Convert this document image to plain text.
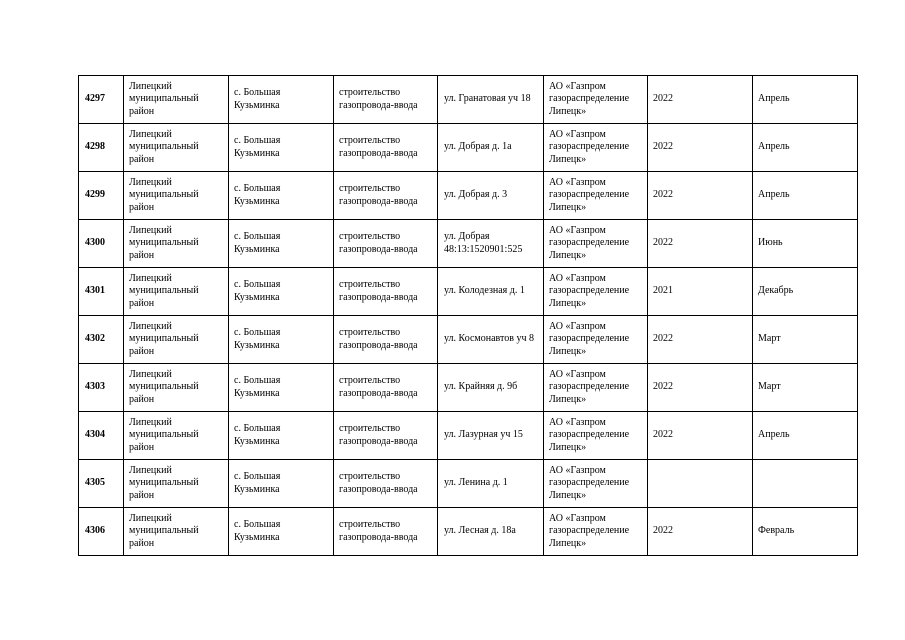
4297	Липецкий муниципальный район	с. Большая Кузьминка	строительство газопровода-ввода	ул. Гранатовая уч 18	АО «Газпром газораспределение Липецк»	2022	Апрель
4298	Липецкий муниципальный район	с. Большая Кузьминка	строительство газопровода-ввода	ул. Добрая д. 1а	АО «Газпром газораспределение Липецк»	2022	Апрель
4299	Липецкий муниципальный район	с. Большая Кузьминка	строительство газопровода-ввода	ул. Добрая д. 3	АО «Газпром газораспределение Липецк»	2022	Апрель
4300	Липецкий муниципальный район	с. Большая Кузьминка	строительство газопровода-ввода	ул. Добрая 48:13:1520901:525	АО «Газпром газораспределение Липецк»	2022	Июнь
4301	Липецкий муниципальный район	с. Большая Кузьминка	строительство газопровода-ввода	ул. Колодезная д. 1	АО «Газпром газораспределение Липецк»	2021	Декабрь
4302	Липецкий муниципальный район	с. Большая Кузьминка	строительство газопровода-ввода	ул. Космонавтов уч 8	АО «Газпром газораспределение Липецк»	2022	Март
4303	Липецкий муниципальный район	с. Большая Кузьминка	строительство газопровода-ввода	ул. Крайняя д. 9б	АО «Газпром газораспределение Липецк»	2022	Март
4304	Липецкий муниципальный район	с. Большая Кузьминка	строительство газопровода-ввода	ул. Лазурная уч 15	АО «Газпром газораспределение Липецк»	2022	Апрель
4305	Липецкий муниципальный район	с. Большая Кузьминка	строительство газопровода-ввода	ул. Ленина д. 1	АО «Газпром газораспределение Липецк»		
4306	Липецкий муниципальный район	с. Большая Кузьминка	строительство газопровода-ввода	ул. Лесная д. 18а	АО «Газпром газораспределение Липецк»	2022	Февраль
